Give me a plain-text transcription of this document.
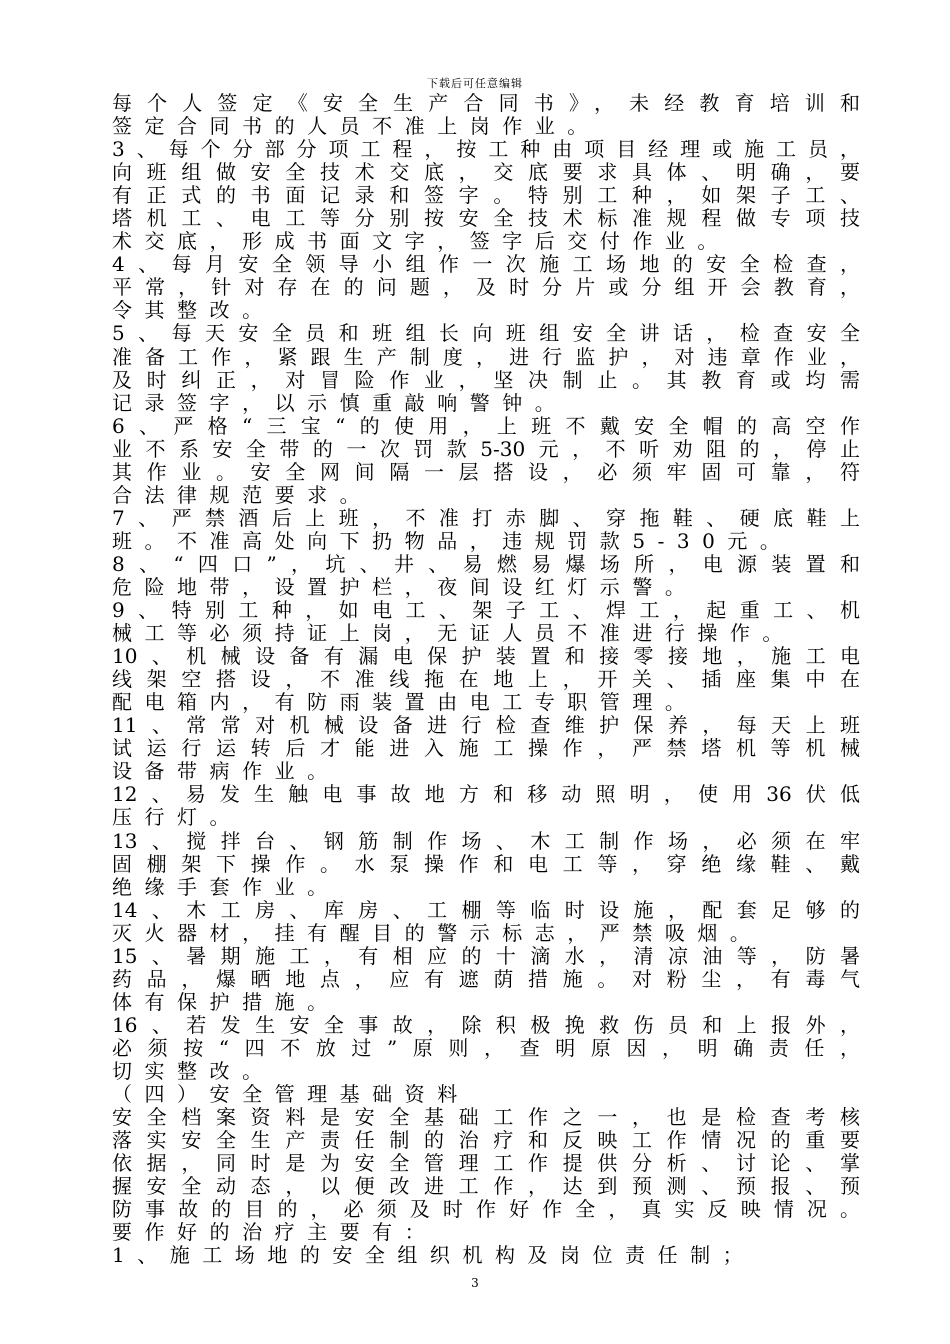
下载后可任意编辑
每个人签定《安全生产合同书》，未经教育培训和
签定合同书的人员不准上岗作业。
3、每个分部分项工程，按工种由项目经理或施工员，
向班组做安全技术交底，交底要求具体、明确，要
有正式的书面记录和签字。特别工种，如架子工、
塔机工、电工等分别按安全技术标准规程做专项技
术交底，形成书面文字，签字后交付作业。
4、每月安全领导小组作一次施工场地的安全检查，
平常，针对存在的问题，及时分片或分组开会教育，
令其整改。
5、每天安全员和班组长向班组安全讲话，检查安全
准备工作，紧跟生产制度，进行监护，对违章作业，
及时纠正，对冒险作业，坚决制止。其教育或均需
记录签字，以示慎重敲响警钟。
6、严格“三宝“的使用，上班不戴安全帽的高空作
业不系安全带的一次罚款5-30元，不听劝阻的，停止
其作业。安全网间隔一层搭设，必须牢固可靠，符
合法律规范要求。
7、严禁酒后上班，不准打赤脚、穿拖鞋、硬底鞋上
班。不准高处向下扔物品，违规罚款5-30元。
8、“四口”，坑、井、易燃易爆场所，电源装置和
危险地带，设置护栏，夜间设红灯示警。
9、特别工种，如电工、架子工、焊工，起重工、机
械工等必须持证上岗，无证人员不准进行操作。
10、机械设备有漏电保护装置和接零接地，施工电
线架空搭设，不准线拖在地上，开关、插座集中在
配电箱内，有防雨装置由电工专职管理。
11、常常对机械设备进行检查维护保养，每天上班
试运行运转后才能进入施工操作，严禁塔机等机械
设备带病作业。
12、易发生触电事故地方和移动照明，使用36伏低
压行灯。
13、搅拌台、钢筋制作场、木工制作场，必须在牢
固棚架下操作。水泵操作和电工等，穿绝缘鞋、戴
绝缘手套作业。
14、木工房、库房、工棚等临时设施，配套足够的
灭火器材，挂有醒目的警示标志，严禁吸烟。
15、暑期施工，有相应的十滴水，清凉油等，防暑
药品，爆晒地点，应有遮荫措施。对粉尘，有毒气
体有保护措施。
16、若发生安全事故，除积极挽救伤员和上报外，
必须按“四不放过”原则，查明原因，明确责任，
切实整改。
（四）安全管理基础资料
安全档案资料是安全基础工作之一，也是检查考核
落实安全生产责任制的治疗和反映工作情况的重要
依据，同时是为安全管理工作提供分析、讨论、掌
握安全动态，以便改进工作，达到预测、预报、预
防事故的目的，必须及时作好作全，真实反映情况。
要作好的治疗主要有：
1、施工场地的安全组织机构及岗位责任制；
3
